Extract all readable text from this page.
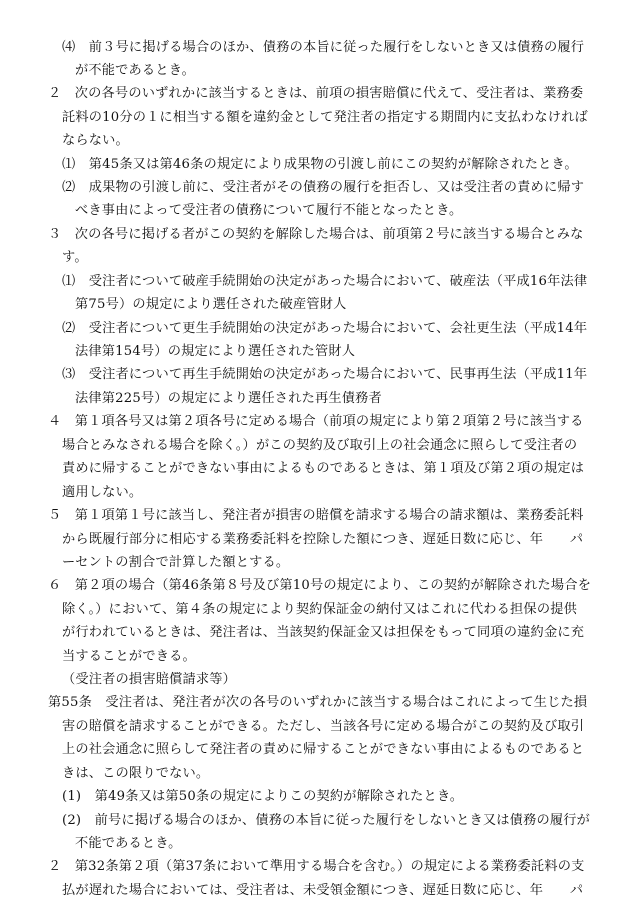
⑷　前３号に掲げる場合のほか、債務の本旨に従った履行をしないとき又は債務の履行
が不能であるとき。
２　次の各号のいずれかに該当するときは、前項の損害賠償に代えて、受注者は、業務委
託料の10分の１に相当する額を違約金として発注者の指定する期間内に支払わなければ
ならない。
⑴　第45条又は第46条の規定により成果物の引渡し前にこの契約が解除されたとき。
⑵　成果物の引渡し前に、受注者がその債務の履行を拒否し、又は受注者の責めに帰す
べき事由によって受注者の債務について履行不能となったとき。
３　次の各号に掲げる者がこの契約を解除した場合は、前項第２号に該当する場合とみな
す。
⑴　受注者について破産手続開始の決定があった場合において、破産法（平成16年法律
第75号）の規定により選任された破産管財人
⑵　受注者について更生手続開始の決定があった場合において、会社更生法（平成14年
法律第154号）の規定により選任された管財人
⑶　受注者について再生手続開始の決定があった場合において、民事再生法（平成11年
法律第225号）の規定により選任された再生債務者
４　第１項各号又は第２項各号に定める場合（前項の規定により第２項第２号に該当する
場合とみなされる場合を除く。）がこの契約及び取引上の社会通念に照らして受注者の
責めに帰することができない事由によるものであるときは、第１項及び第２項の規定は
適用しない。
５　第１項第１号に該当し、発注者が損害の賠償を請求する場合の請求額は、業務委託料
から既履行部分に相応する業務委託料を控除した額につき、遅延日数に応じ、年　　パ
ーセントの割合で計算した額とする。
６　第２項の場合（第46条第８号及び第10号の規定により、この契約が解除された場合を
除く。）において、第４条の規定により契約保証金の納付又はこれに代わる担保の提供
が行われているときは、発注者は、当該契約保証金又は担保をもって同項の違約金に充
当することができる。
（受注者の損害賠償請求等）
第55条　受注者は、発注者が次の各号のいずれかに該当する場合はこれによって生じた損
害の賠償を請求することができる。ただし、当該各号に定める場合がこの契約及び取引
上の社会通念に照らして発注者の責めに帰することができない事由によるものであると
きは、この限りでない。
(1)　第49条又は第50条の規定によりこの契約が解除されたとき。
(2)　前号に掲げる場合のほか、債務の本旨に従った履行をしないとき又は債務の履行が
不能であるとき。
２　第32条第２項（第37条において準用する場合を含む。）の規定による業務委託料の支
払が遅れた場合においては、受注者は、未受領金額につき、遅延日数に応じ、年　　パ
